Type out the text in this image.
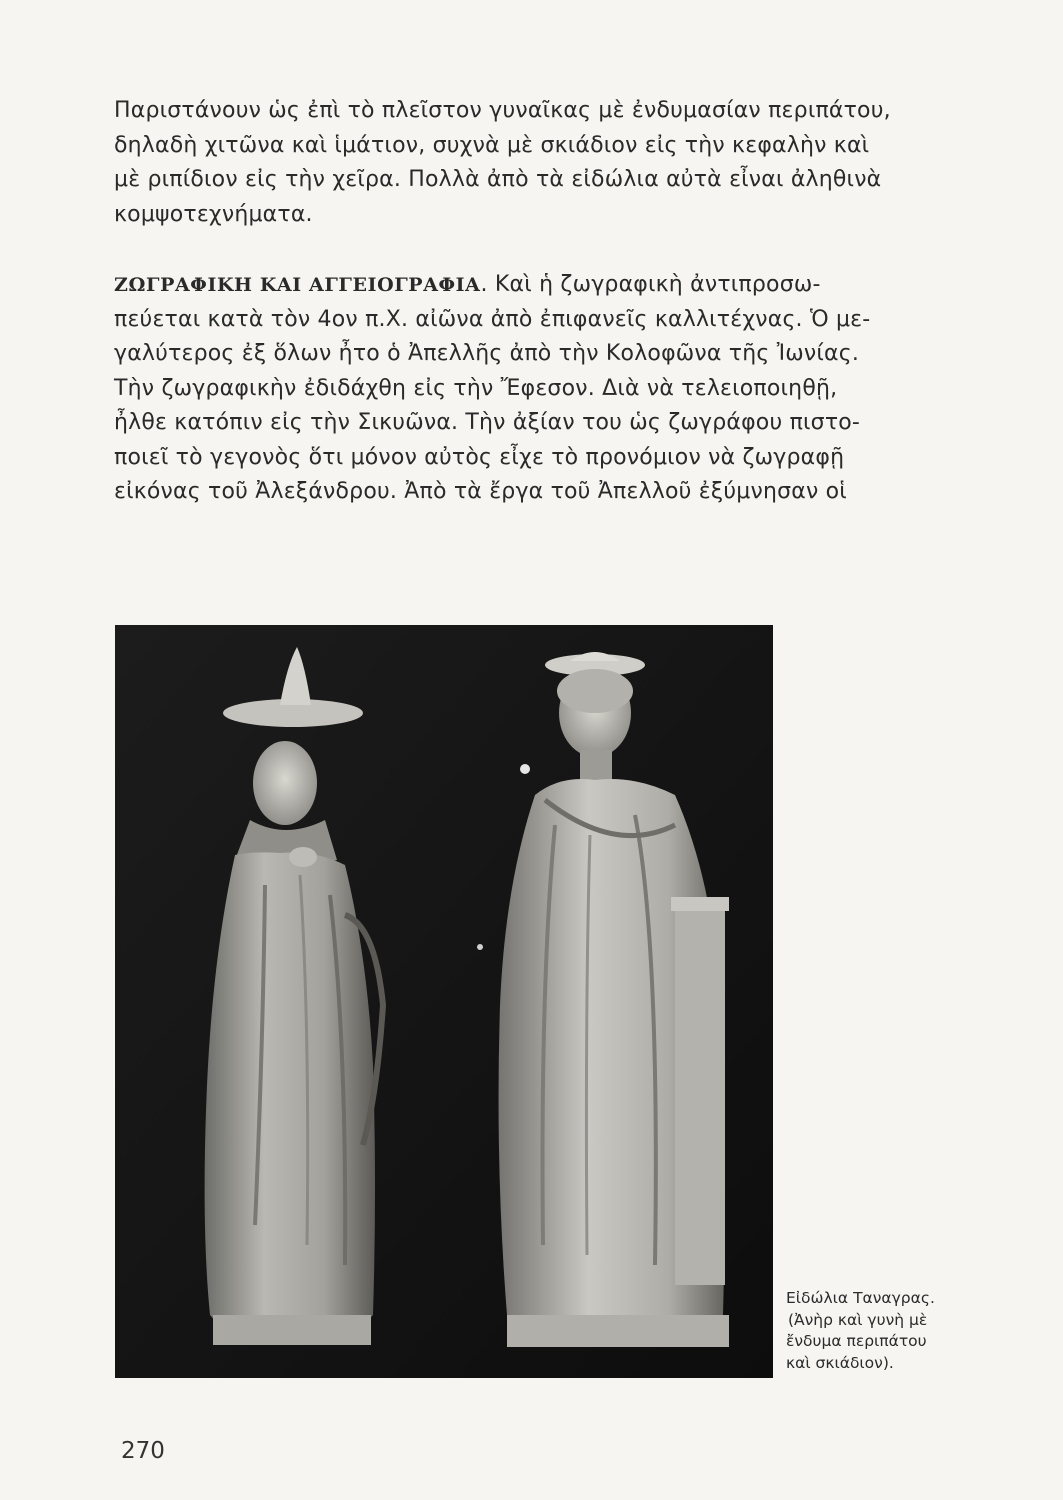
Παριστάνουν ὡς ἐπὶ τὸ πλεῖστον γυναῖκας μὲ ἐνδυμασίαν περιπάτου,
δηλαδὴ χιτῶνα καὶ ἱμάτιον, συχνὰ μὲ σκιάδιον εἰς τὴν κεφαλὴν καὶ
μὲ ριπίδιον εἰς τὴν χεῖρα. Πολλὰ ἀπὸ τὰ εἰδώλια αὐτὰ εἶναι ἀληθινὰ
κομψοτεχνήματα.
ΖΩΓΡΑΦΙΚΗ ΚΑΙ ΑΓΓΕΙΟΓΡΑΦΙΑ. Καὶ ἡ ζωγραφικὴ ἀντιπροσω-
πεύεται κατὰ τὸν 4ον π.Χ. αἰῶνα ἀπὸ ἐπιφανεῖς καλλιτέχνας. Ὁ με-
γαλύτερος ἐξ ὅλων ἦτο ὁ Ἀπελλῆς ἀπὸ τὴν Κολοφῶνα τῆς Ἰωνίας.
Τὴν ζωγραφικὴν ἐδιδάχθη εἰς τὴν Ἔφεσον. Διὰ νὰ τελειοποιηθῇ,
ἦλθε κατόπιν εἰς τὴν Σικυῶνα. Τὴν ἀξίαν του ὡς ζωγράφου πιστο-
ποιεῖ τὸ γεγονὸς ὅτι μόνον αὐτὸς εἶχε τὸ προνόμιον νὰ ζωγραφῇ
εἰκόνας τοῦ Ἀλεξάνδρου. Ἀπὸ τὰ ἔργα τοῦ Ἀπελλοῦ ἐξύμνησαν οἱ
Εἰδώλια Ταναγρας.
(Ἀνὴρ καὶ γυνὴ μὲ
ἔνδυμα περιπάτου
καὶ σκιάδιον).
270
